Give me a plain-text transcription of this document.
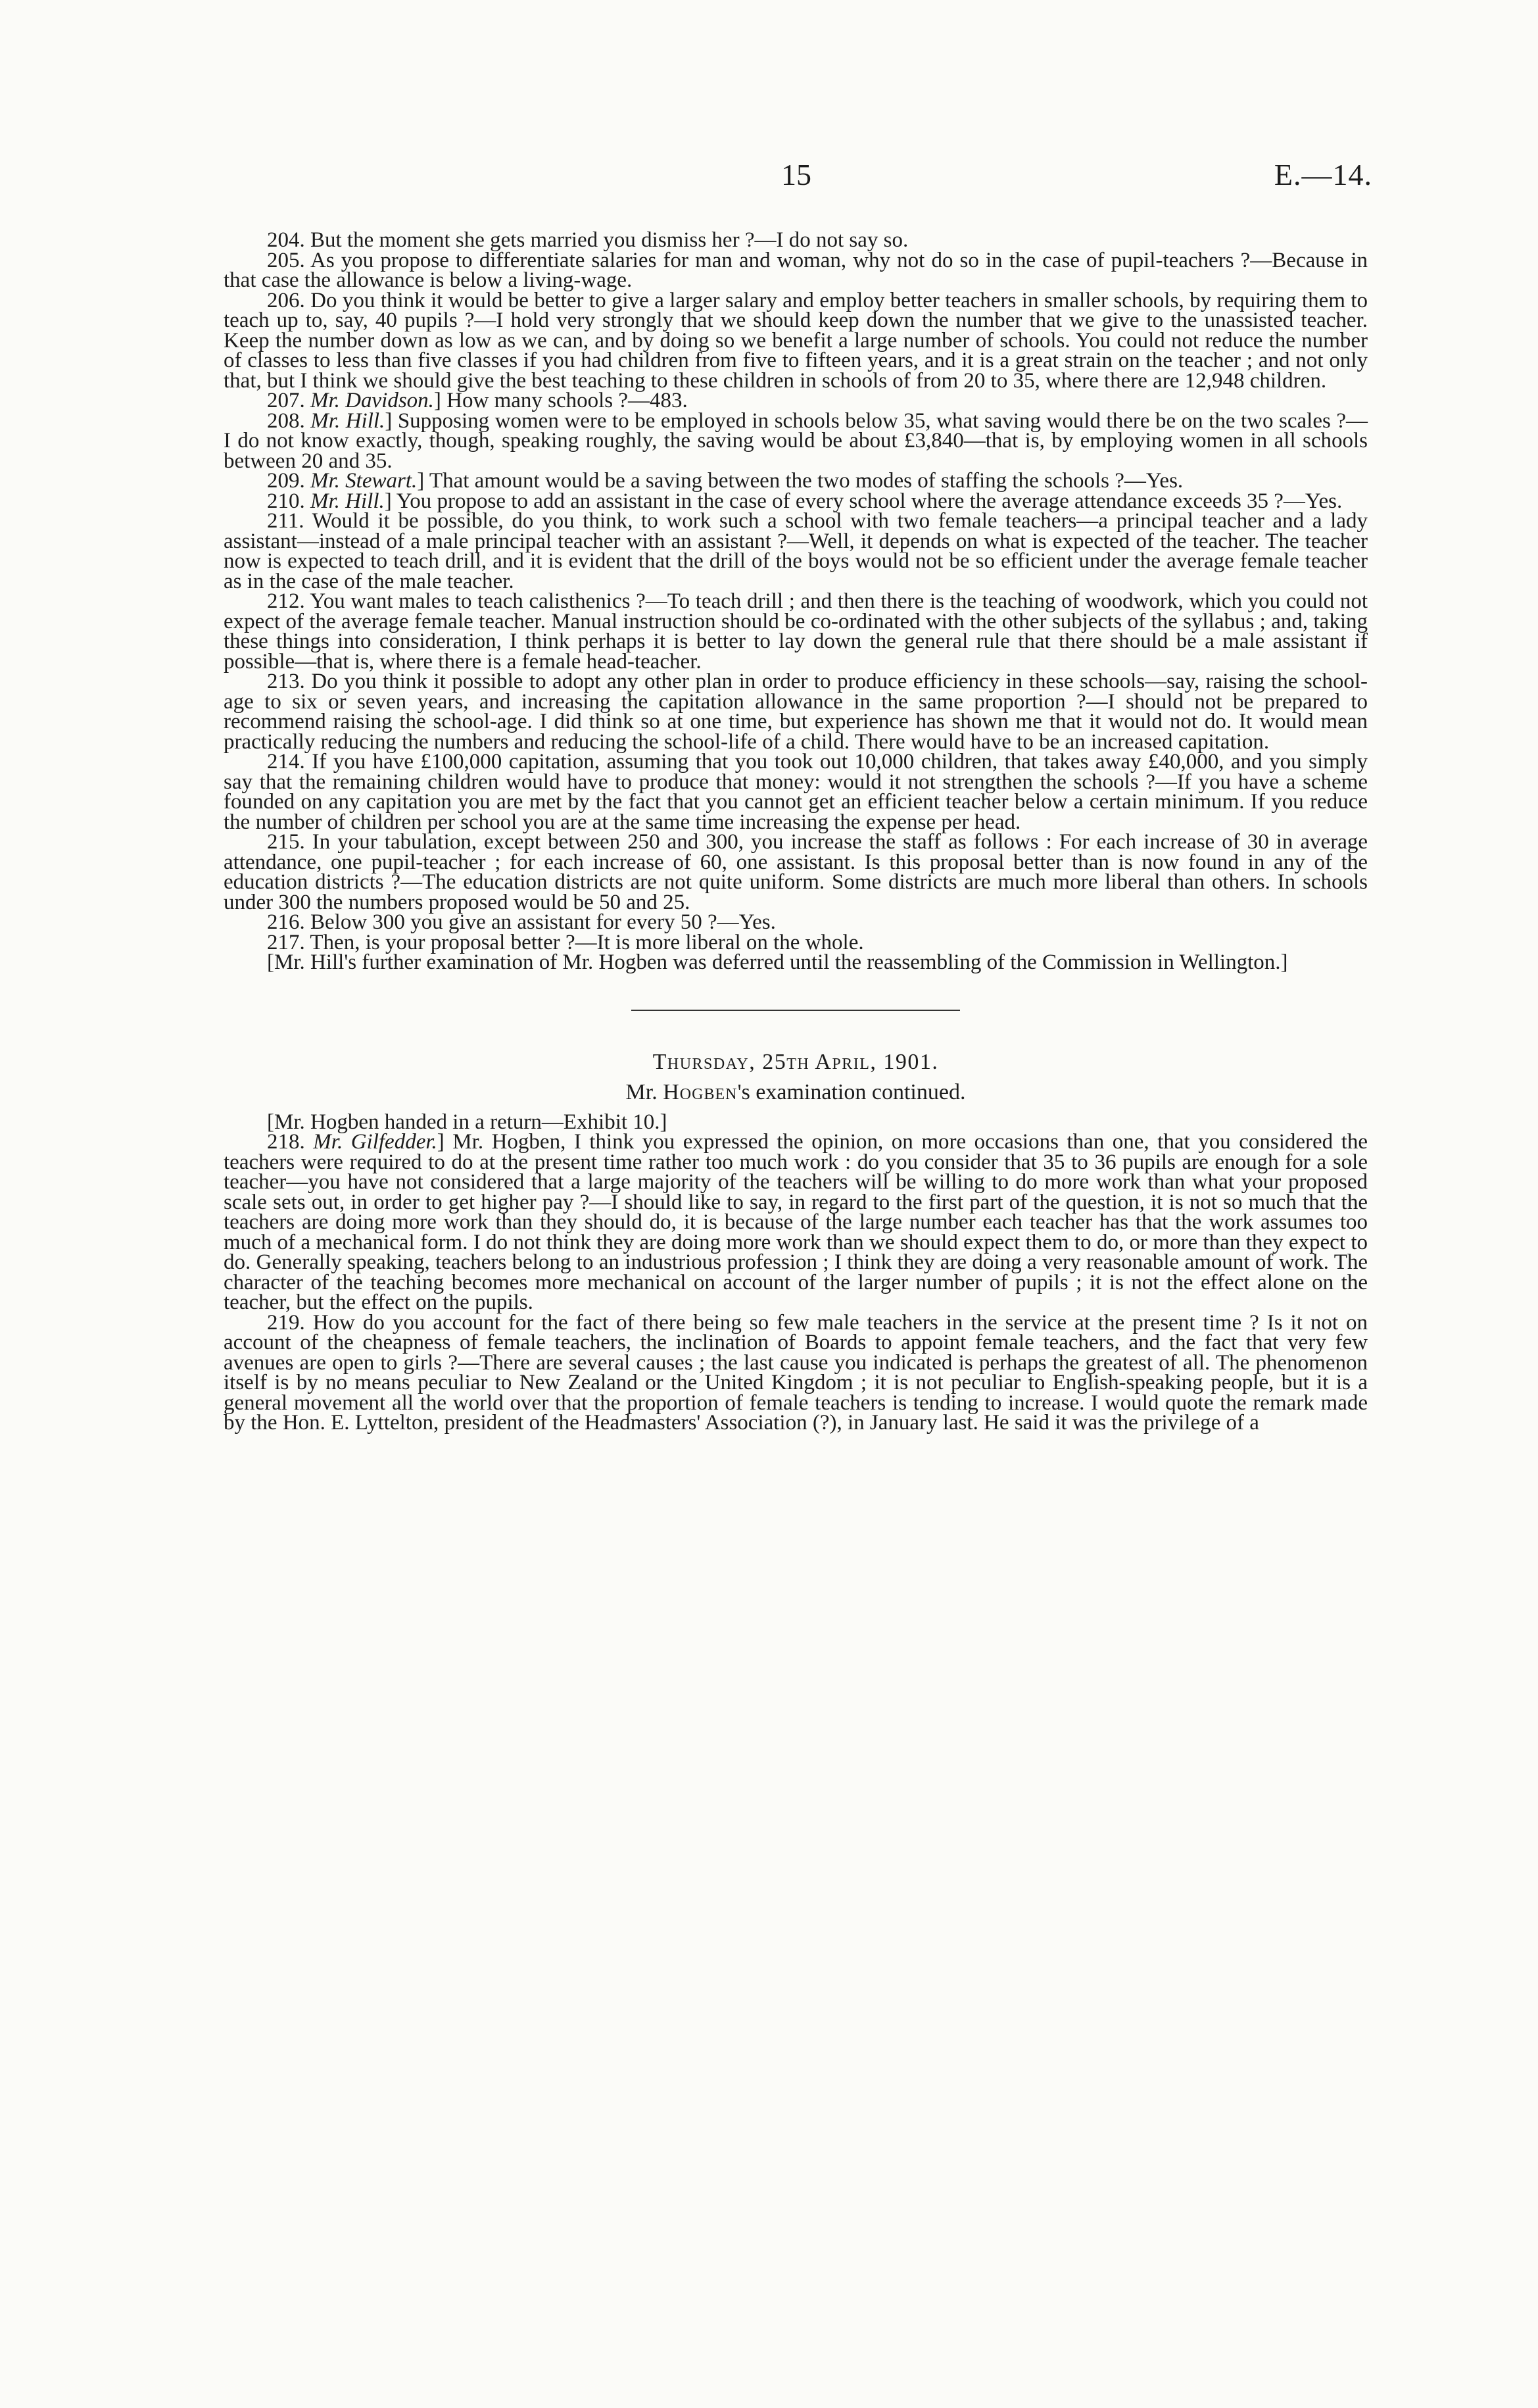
15	E.—14.

204. But the moment she gets married you dismiss her ?—I do not say so.

205. As you propose to differentiate salaries for man and woman, why not do so in the case of pupil-teachers ?—Because in that case the allowance is below a living-wage.

206. Do you think it would be better to give a larger salary and employ better teachers in smaller schools, by requiring them to teach up to, say, 40 pupils ?—I hold very strongly that we should keep down the number that we give to the unassisted teacher. Keep the number down as low as we can, and by doing so we benefit a large number of schools. You could not reduce the number of classes to less than five classes if you had children from five to fifteen years, and it is a great strain on the teacher ; and not only that, but I think we should give the best teaching to these children in schools of from 20 to 35, where there are 12,948 children.

207. Mr. Davidson.] How many schools ?—483.

208. Mr. Hill.] Supposing women were to be employed in schools below 35, what saving would there be on the two scales ?—I do not know exactly, though, speaking roughly, the saving would be about £3,840—that is, by employing women in all schools between 20 and 35.

209. Mr. Stewart.] That amount would be a saving between the two modes of staffing the schools ?—Yes.

210. Mr. Hill.] You propose to add an assistant in the case of every school where the average attendance exceeds 35 ?—Yes.

211. Would it be possible, do you think, to work such a school with two female teachers—a principal teacher and a lady assistant—instead of a male principal teacher with an assistant ?—Well, it depends on what is expected of the teacher. The teacher now is expected to teach drill, and it is evident that the drill of the boys would not be so efficient under the average female teacher as in the case of the male teacher.

212. You want males to teach calisthenics ?—To teach drill ; and then there is the teaching of woodwork, which you could not expect of the average female teacher. Manual instruction should be co-ordinated with the other subjects of the syllabus ; and, taking these things into consideration, I think perhaps it is better to lay down the general rule that there should be a male assistant if possible—that is, where there is a female head-teacher.

213. Do you think it possible to adopt any other plan in order to produce efficiency in these schools—say, raising the school-age to six or seven years, and increasing the capitation allowance in the same proportion ?—I should not be prepared to recommend raising the school-age. I did think so at one time, but experience has shown me that it would not do. It would mean practically reducing the numbers and reducing the school-life of a child. There would have to be an increased capitation.

214. If you have £100,000 capitation, assuming that you took out 10,000 children, that takes away £40,000, and you simply say that the remaining children would have to produce that money: would it not strengthen the schools ?—If you have a scheme founded on any capitation you are met by the fact that you cannot get an efficient teacher below a certain minimum. If you reduce the number of children per school you are at the same time increasing the expense per head.

215. In your tabulation, except between 250 and 300, you increase the staff as follows : For each increase of 30 in average attendance, one pupil-teacher ; for each increase of 60, one assistant. Is this proposal better than is now found in any of the education districts ?—The education districts are not quite uniform. Some districts are much more liberal than others. In schools under 300 the numbers proposed would be 50 and 25.

216. Below 300 you give an assistant for every 50 ?—Yes.

217. Then, is your proposal better ?—It is more liberal on the whole.

[Mr. Hill's further examination of Mr. Hogben was deferred until the reassembling of the Commission in Wellington.]

Thursday, 25th April, 1901.

Mr. Hogben's examination continued.

[Mr. Hogben handed in a return—Exhibit 10.]

218. Mr. Gilfedder.] Mr. Hogben, I think you expressed the opinion, on more occasions than one, that you considered the teachers were required to do at the present time rather too much work : do you consider that 35 to 36 pupils are enough for a sole teacher—you have not considered that a large majority of the teachers will be willing to do more work than what your proposed scale sets out, in order to get higher pay ?—I should like to say, in regard to the first part of the question, it is not so much that the teachers are doing more work than they should do, it is because of the large number each teacher has that the work assumes too much of a mechanical form. I do not think they are doing more work than we should expect them to do, or more than they expect to do. Generally speaking, teachers belong to an industrious profession ; I think they are doing a very reasonable amount of work. The character of the teaching becomes more mechanical on account of the larger number of pupils ; it is not the effect alone on the teacher, but the effect on the pupils.

219. How do you account for the fact of there being so few male teachers in the service at the present time ? Is it not on account of the cheapness of female teachers, the inclination of Boards to appoint female teachers, and the fact that very few avenues are open to girls ?—There are several causes ; the last cause you indicated is perhaps the greatest of all. The phenomenon itself is by no means peculiar to New Zealand or the United Kingdom ; it is not peculiar to English-speaking people, but it is a general movement all the world over that the proportion of female teachers is tending to increase. I would quote the remark made by the Hon. E. Lyttelton, president of the Headmasters' Association (?), in January last. He said it was the privilege of a
